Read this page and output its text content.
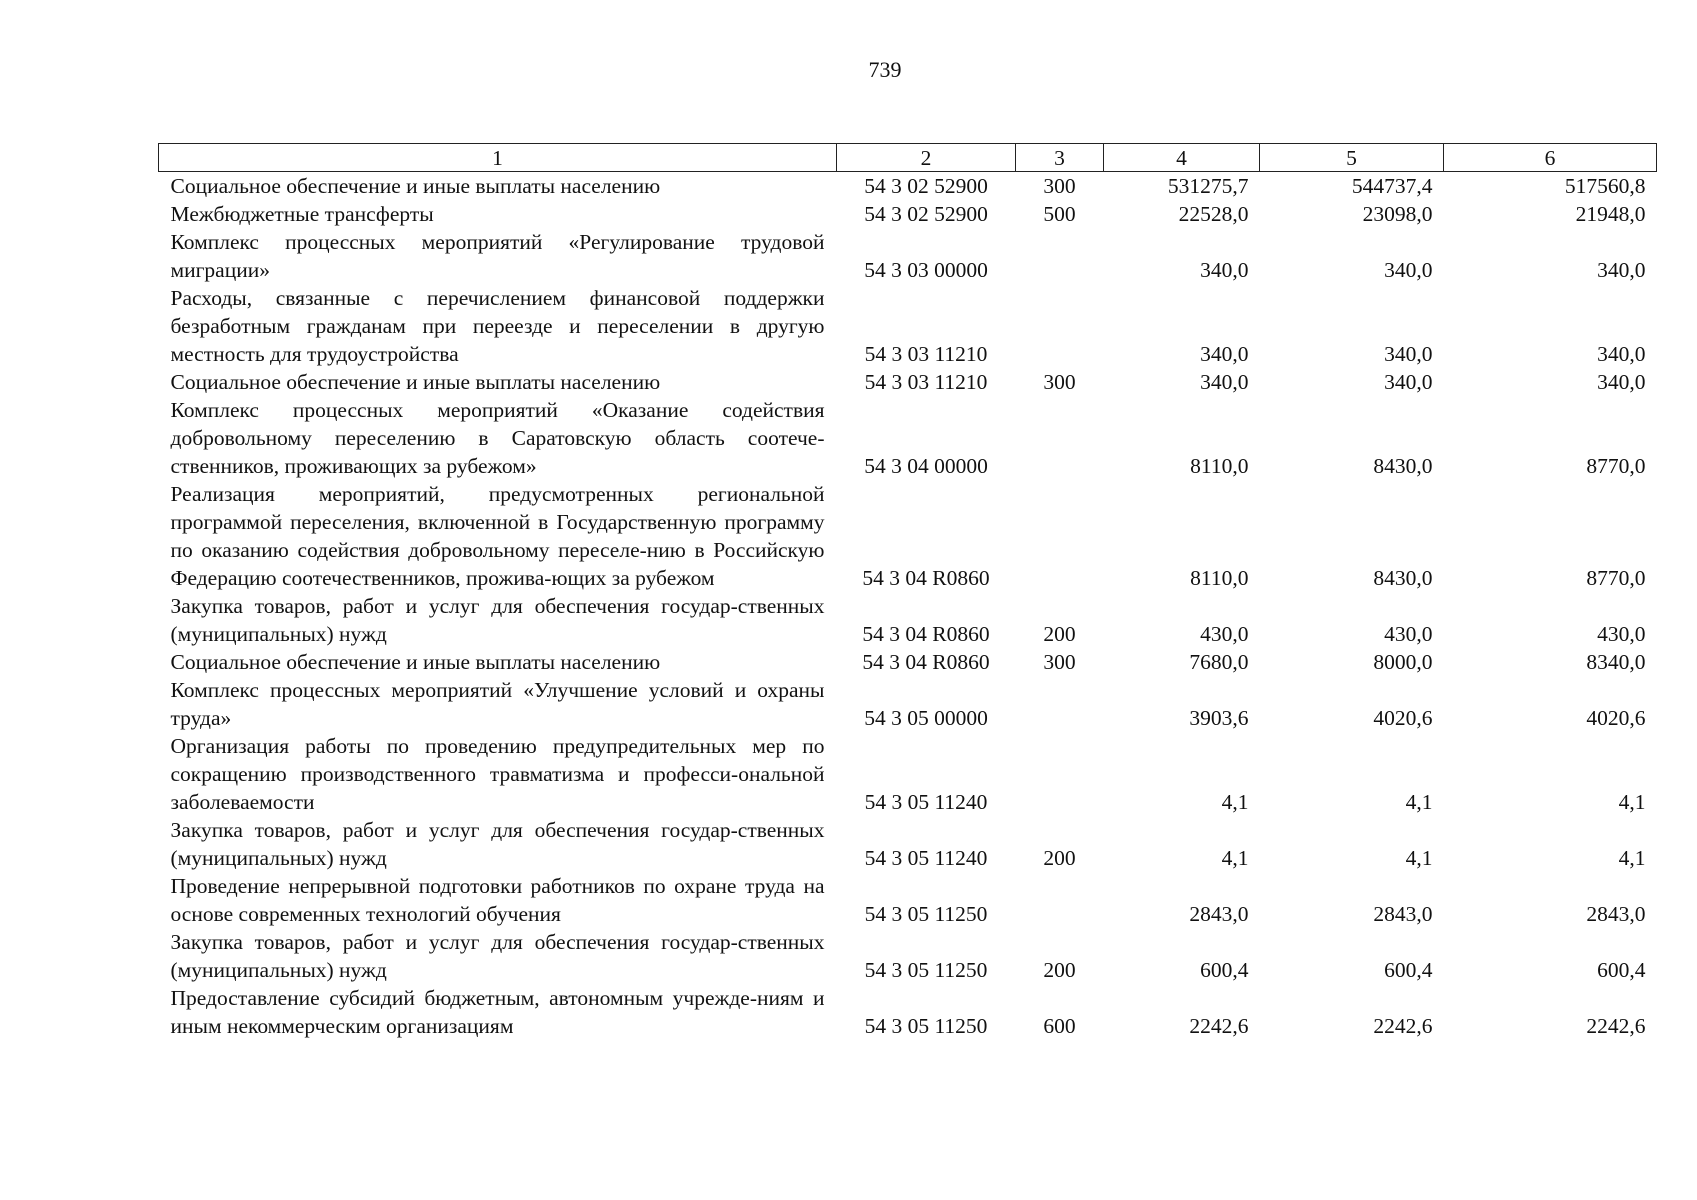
739
1	2	3	4	5	6
Социальное обеспечение и иные выплаты населению	54 3 02 52900	300	531275,7	544737,4	517560,8
Межбюджетные трансферты	54 3 02 52900	500	22528,0	23098,0	21948,0
Комплекс процессных мероприятий «Регулирование трудовой миграции»	54 3 03 00000		340,0	340,0	340,0
Расходы, связанные с перечислением финансовой поддержки безработным гражданам при переезде и переселении в другую местность для трудоустройства	54 3 03 11210		340,0	340,0	340,0
Социальное обеспечение и иные выплаты населению	54 3 03 11210	300	340,0	340,0	340,0
Комплекс процессных мероприятий «Оказание содействия добровольному переселению в Саратовскую область соотече-ственников, проживающих за рубежом»	54 3 04 00000		8110,0	8430,0	8770,0
Реализация мероприятий, предусмотренных региональной программой переселения, включенной в Государственную программу по оказанию содействия добровольному переселе-нию в Российскую Федерацию соотечественников, прожива-ющих за рубежом	54 3 04 R0860		8110,0	8430,0	8770,0
Закупка товаров, работ и услуг для обеспечения государ-ственных (муниципальных) нужд	54 3 04 R0860	200	430,0	430,0	430,0
Социальное обеспечение и иные выплаты населению	54 3 04 R0860	300	7680,0	8000,0	8340,0
Комплекс процессных мероприятий «Улучшение условий и охраны труда»	54 3 05 00000		3903,6	4020,6	4020,6
Организация работы по проведению предупредительных мер по сокращению производственного травматизма и професси-ональной заболеваемости	54 3 05 11240		4,1	4,1	4,1
Закупка товаров, работ и услуг для обеспечения государ-ственных (муниципальных) нужд	54 3 05 11240	200	4,1	4,1	4,1
Проведение непрерывной подготовки работников по охране труда на основе современных технологий обучения	54 3 05 11250		2843,0	2843,0	2843,0
Закупка товаров, работ и услуг для обеспечения государ-ственных (муниципальных) нужд	54 3 05 11250	200	600,4	600,4	600,4
Предоставление субсидий бюджетным, автономным учрежде-ниям и иным некоммерческим организациям	54 3 05 11250	600	2242,6	2242,6	2242,6
